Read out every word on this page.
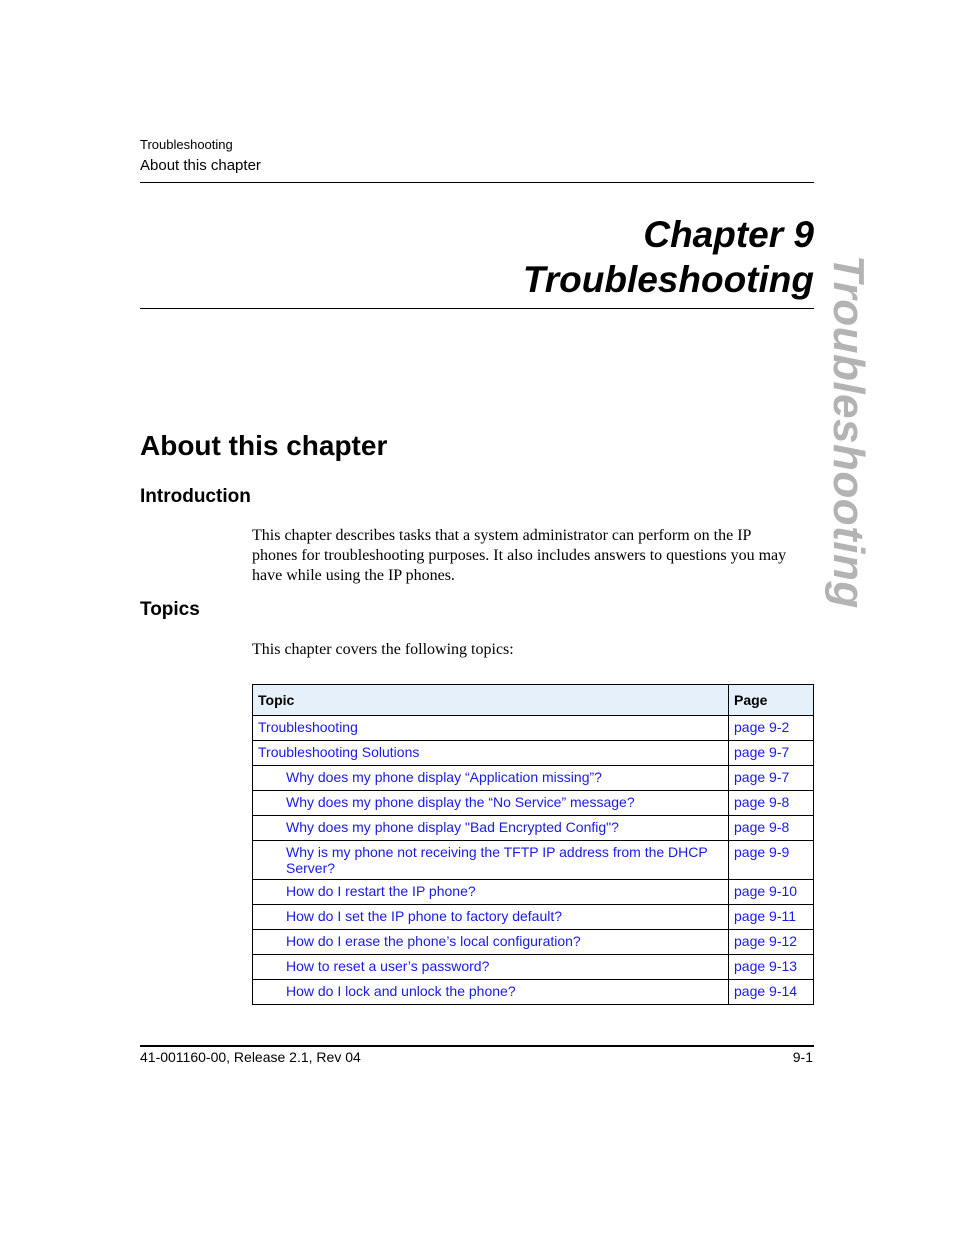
Troubleshooting
About this chapter
Chapter 9
Troubleshooting Troubleshooting
About this chapter
Introduction
This chapter describes tasks that a system administrator can perform on the IP phones for troubleshooting purposes. It also includes answers to questions you may have while using the IP phones.
Topics
This chapter covers the following topics:
Topic	Page
Troubleshooting	page 9-2
Troubleshooting Solutions	page 9-7
Why does my phone display “Application missing”?	page 9-7
Why does my phone display the “No Service” message?	page 9-8
Why does my phone display "Bad Encrypted Config"?	page 9-8
Why is my phone not receiving the TFTP IP address from the DHCP Server?	page 9-9
How do I restart the IP phone?	page 9-10
How do I set the IP phone to factory default?	page 9-11
How do I erase the phone’s local configuration?	page 9-12
How to reset a user’s password?	page 9-13
How do I lock and unlock the phone?	page 9-14
41-001160-00, Release 2.1, Rev 04	9-1
